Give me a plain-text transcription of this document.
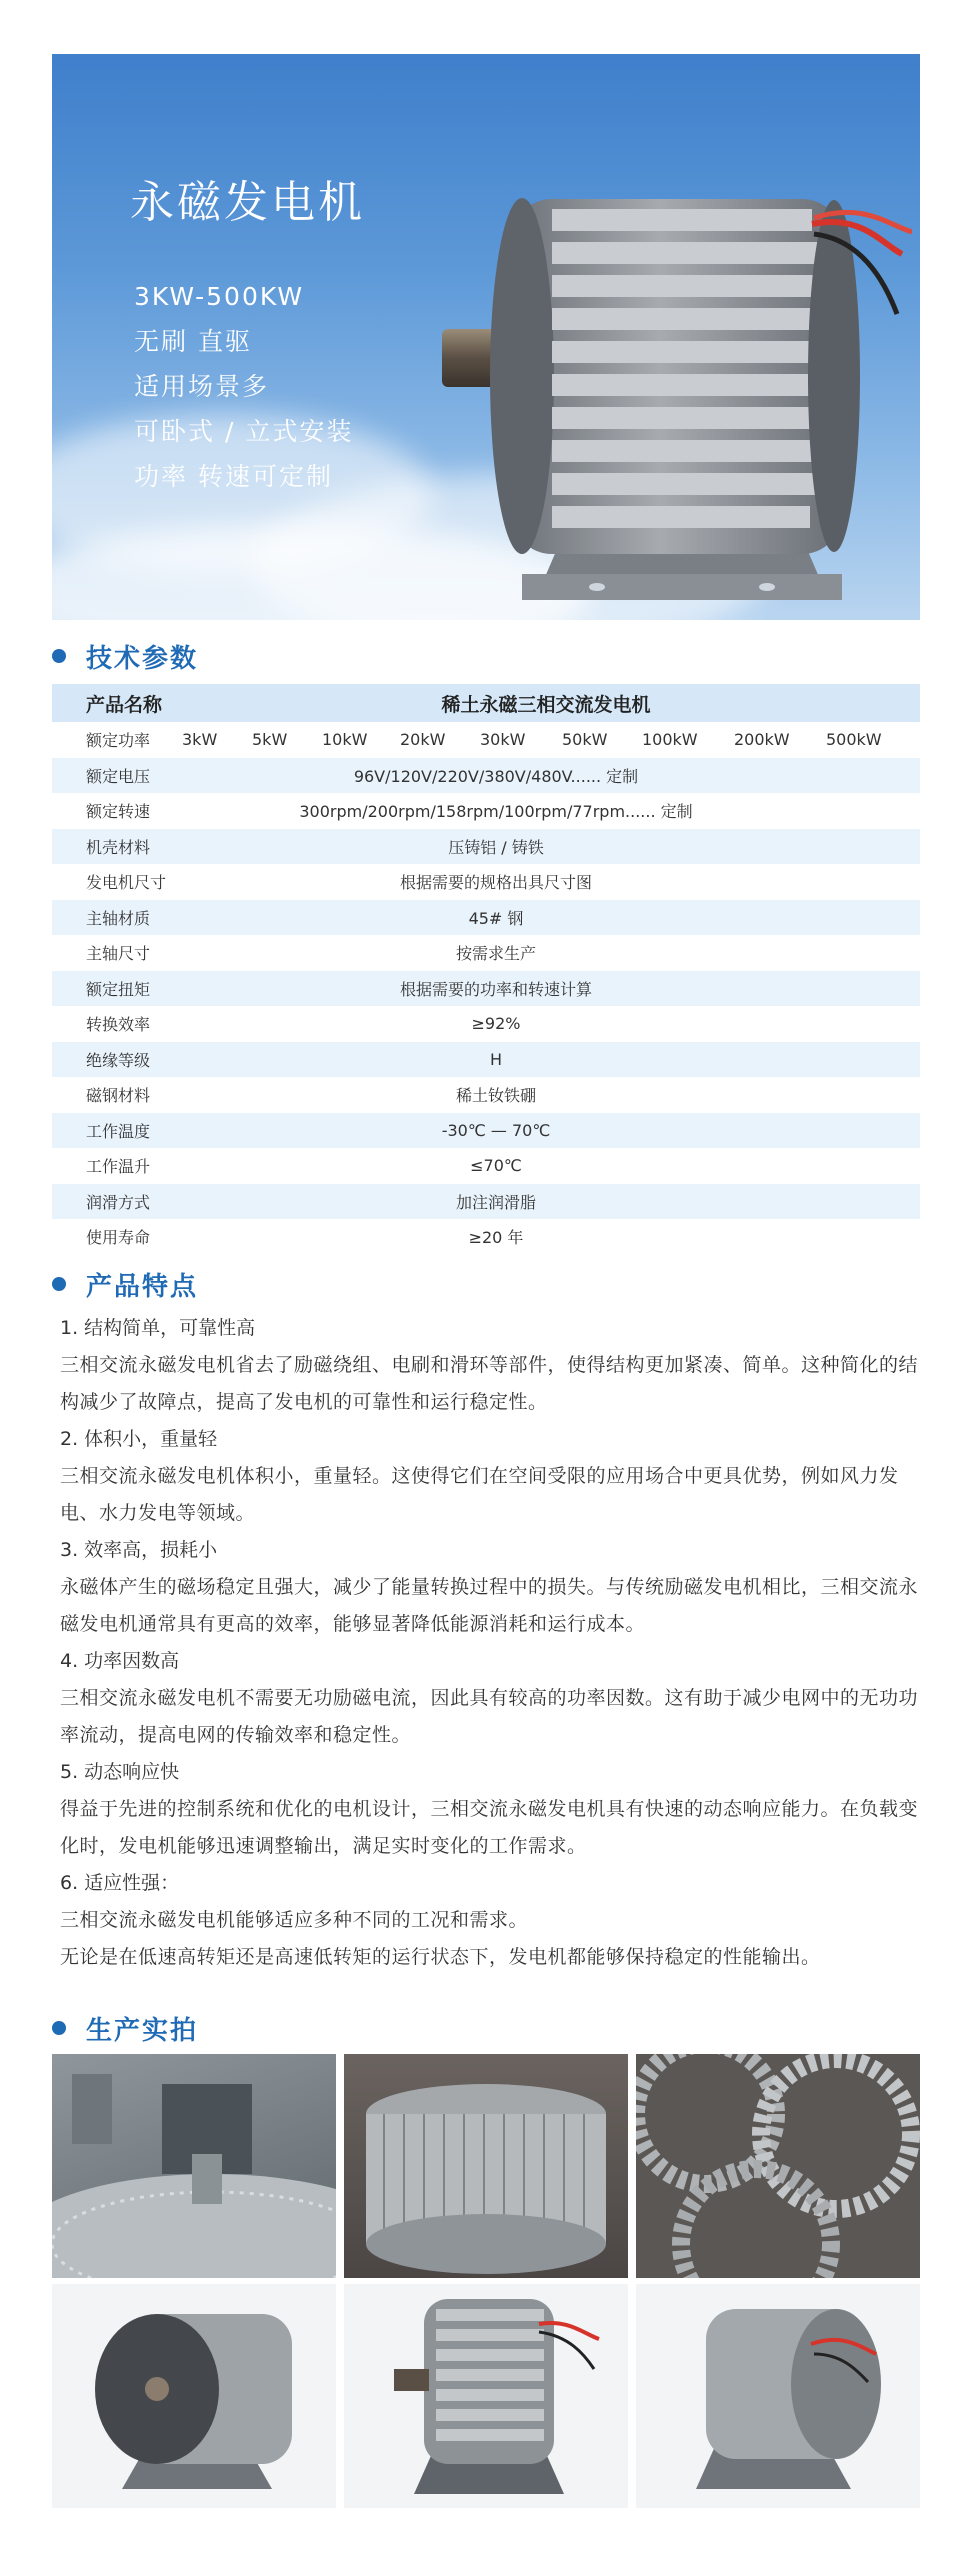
永磁发电机
3KW-500KW
无刷 直驱
适用场景多
可卧式 / 立式安装
功率 转速可定制
技术参数
产品名称	稀土永磁三相交流发电机
额定功率	3kW	5kW	10kW	20kW	30kW	50kW	100kW	200kW	500kW
额定电压	96V/120V/220V/380V/480V...... 定制
额定转速	300rpm/200rpm/158rpm/100rpm/77rpm...... 定制
机壳材料	压铸铝 / 铸铁
发电机尺寸	根据需要的规格出具尺寸图
主轴材质	45# 钢
主轴尺寸	按需求生产
额定扭矩	根据需要的功率和转速计算
转换效率	≥92%
绝缘等级	H
磁钢材料	稀土钕铁硼
工作温度	-30℃ — 70℃
工作温升	≤70℃
润滑方式	加注润滑脂
使用寿命	≥20 年
产品特点
1. 结构简单，可靠性高
三相交流永磁发电机省去了励磁绕组、电刷和滑环等部件，使得结构更加紧凑、简单。这种简化的结构减少了故障点，提高了发电机的可靠性和运行稳定性。
2. 体积小，重量轻
三相交流永磁发电机体积小，重量轻。这使得它们在空间受限的应用场合中更具优势，例如风力发电、水力发电等领域。
3. 效率高，损耗小
永磁体产生的磁场稳定且强大，减少了能量转换过程中的损失。与传统励磁发电机相比，三相交流永磁发电机通常具有更高的效率，能够显著降低能源消耗和运行成本。
4. 功率因数高
三相交流永磁发电机不需要无功励磁电流，因此具有较高的功率因数。这有助于减少电网中的无功功率流动，提高电网的传输效率和稳定性。
5. 动态响应快
得益于先进的控制系统和优化的电机设计，三相交流永磁发电机具有快速的动态响应能力。在负载变化时，发电机能够迅速调整输出，满足实时变化的工作需求。
6. 适应性强：
三相交流永磁发电机能够适应多种不同的工况和需求。
无论是在低速高转矩还是高速低转矩的运行状态下，发电机都能够保持稳定的性能输出。
生产实拍
